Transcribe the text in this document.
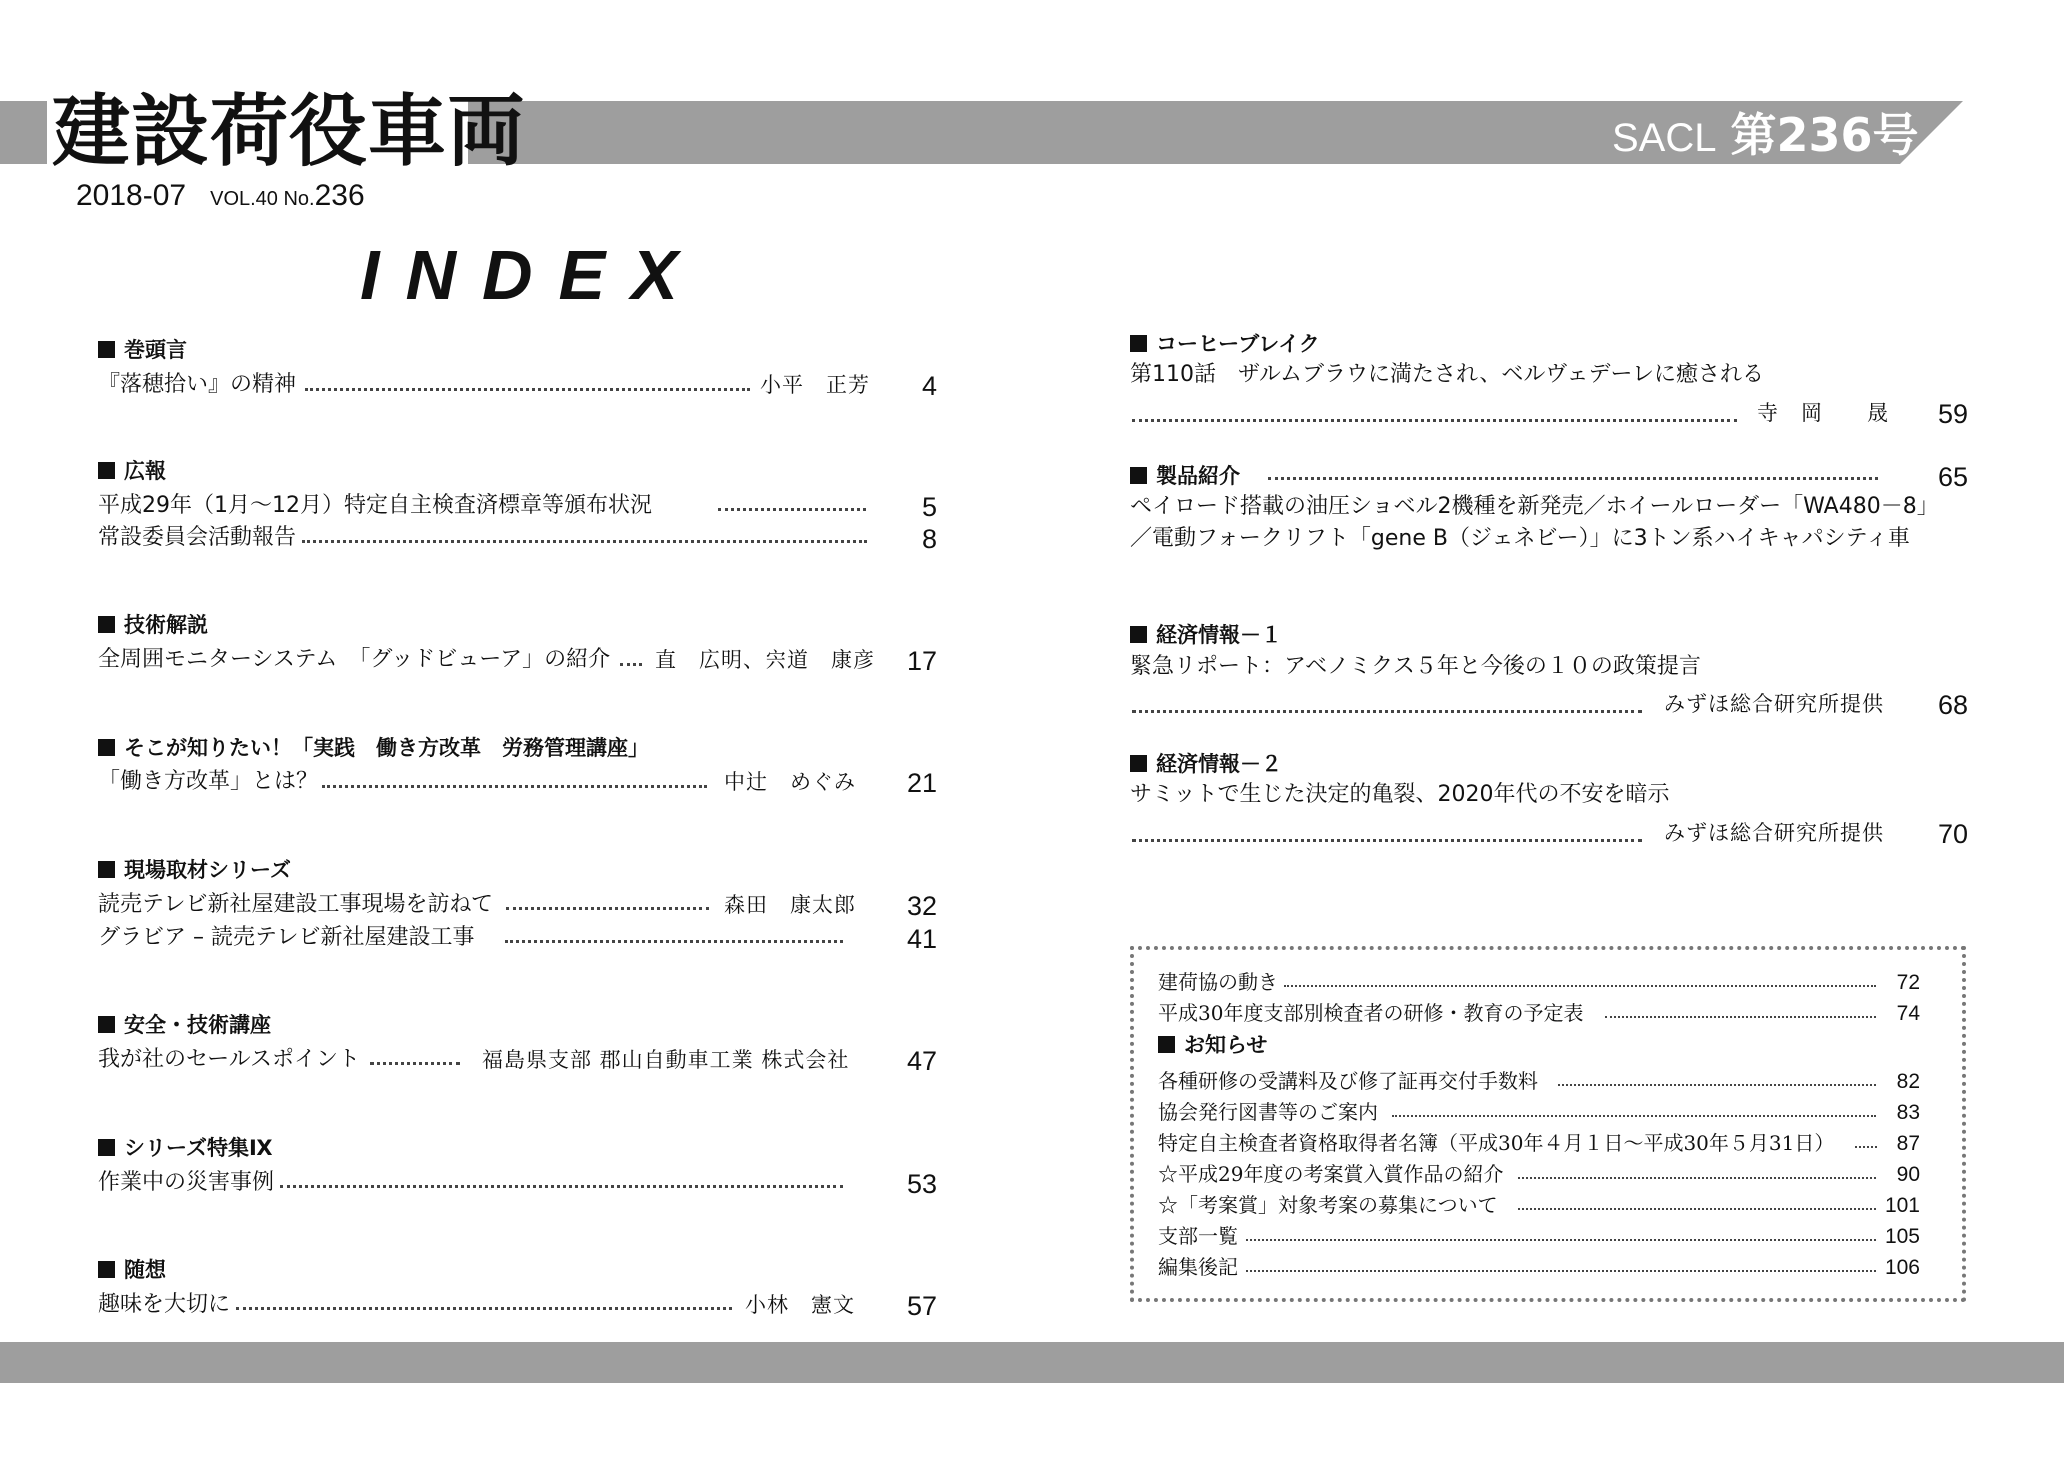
建設荷役車両	SACL 第236号
2018-07 VOL.40 No.236
INDEX
巻頭言
『落穂拾い』の精神	小平　正芳	4
広報
平成29年（1月～12月）特定自主検査済標章等頒布状況	5
常設委員会活動報告	8
技術解説
全周囲モニターシステム　「グッドビューア」の紹介 直　広明、宍道　康彦	17
そこが知りたい！「実践　働き方改革　労務管理講座」
「働き方改革」とは？	中辻　めぐみ	21
現場取材シリーズ
読売テレビ新社屋建設工事現場を訪ねて	森田　康太郎	32
グラビア – 読売テレビ新社屋建設工事	41
安全・技術講座
我が社のセールスポイント	福島県支部 郡山自動車工業 株式会社	47
シリーズ特集Ⅸ
作業中の災害事例	53
随想
趣味を大切に	小林　憲文	57
コーヒーブレイク
第110話　ザルムブラウに満たされ、ベルヴェデーレに癒される
寺　岡　　晟	59
製品紹介	65
ペイロード搭載の油圧ショベル2機種を新発売／ホイールローダー「WA480－8」
／電動フォークリフト「gene B（ジェネビー）」に3トン系ハイキャパシティ車
経済情報－１
緊急リポート：アベノミクス５年と今後の１０の政策提言
みずほ総合研究所提供	68
経済情報－２
サミットで生じた決定的亀裂、2020年代の不安を暗示
みずほ総合研究所提供	70
建荷協の動き	72
平成30年度支部別検査者の研修・教育の予定表	74
お知らせ
各種研修の受講料及び修了証再交付手数料	82
協会発行図書等のご案内	83
特定自主検査者資格取得者名簿（平成30年４月１日～平成30年５月31日）	87
☆平成29年度の考案賞入賞作品の紹介	90
☆「考案賞」対象考案の募集について	101
支部一覧	105
編集後記	106
